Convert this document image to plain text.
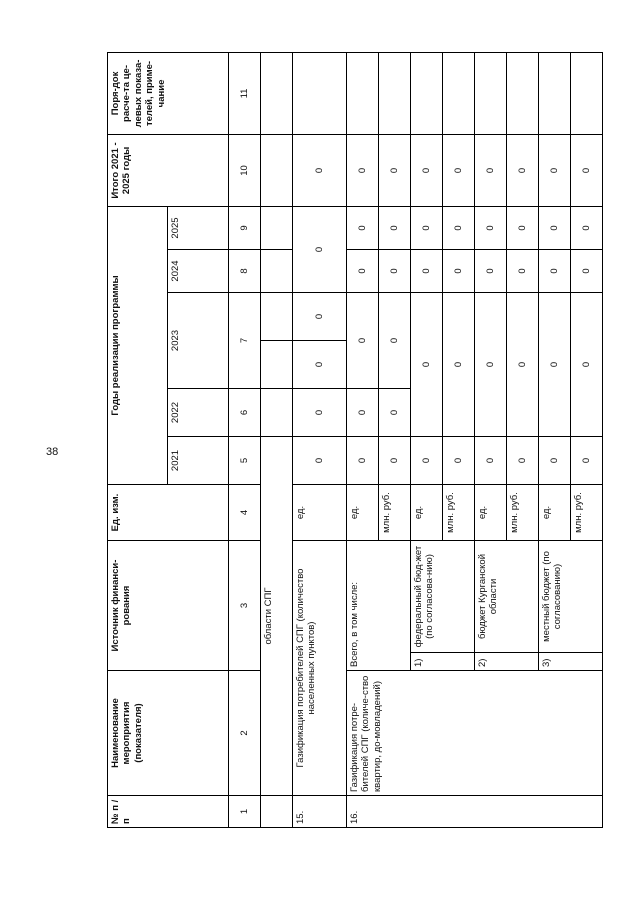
38
№ п / п	Наименование мероприятия (показателя)	Источник финанси-рования		Ед. изм.	Годы реализации программы						Итого 2021 - 2025 годы	Поря-док расче-та це-левых показа-телей, приме-чание
					2021	2022	2023		2024	2025		
1	2	3		4	5	6	7		8	9	10	11
	области СПГ											
15.	Газификация потребителей СПГ (количество населенных пунктов)			ед.	0	0	0	0	0		0	
16.	Газификация потре-бителей СПГ (количе-ство квартир, до-мовладений)	Всего, в том числе:		ед.	0	0	0		0	0	0	
				млн. руб.	0	0	0		0	0	0	
		1)	федеральный бюд-жет (по согласова-нию)	ед.	0	0			0	0	0	
				млн. руб.	0	0			0	0	0	
		2)	бюджет Курганской области	ед.	0	0			0	0	0	
				млн. руб.	0	0			0	0	0	
		3)	местный бюджет (по согласованию)	ед.	0	0			0	0	0	
				млн. руб.	0	0			0	0	0	
